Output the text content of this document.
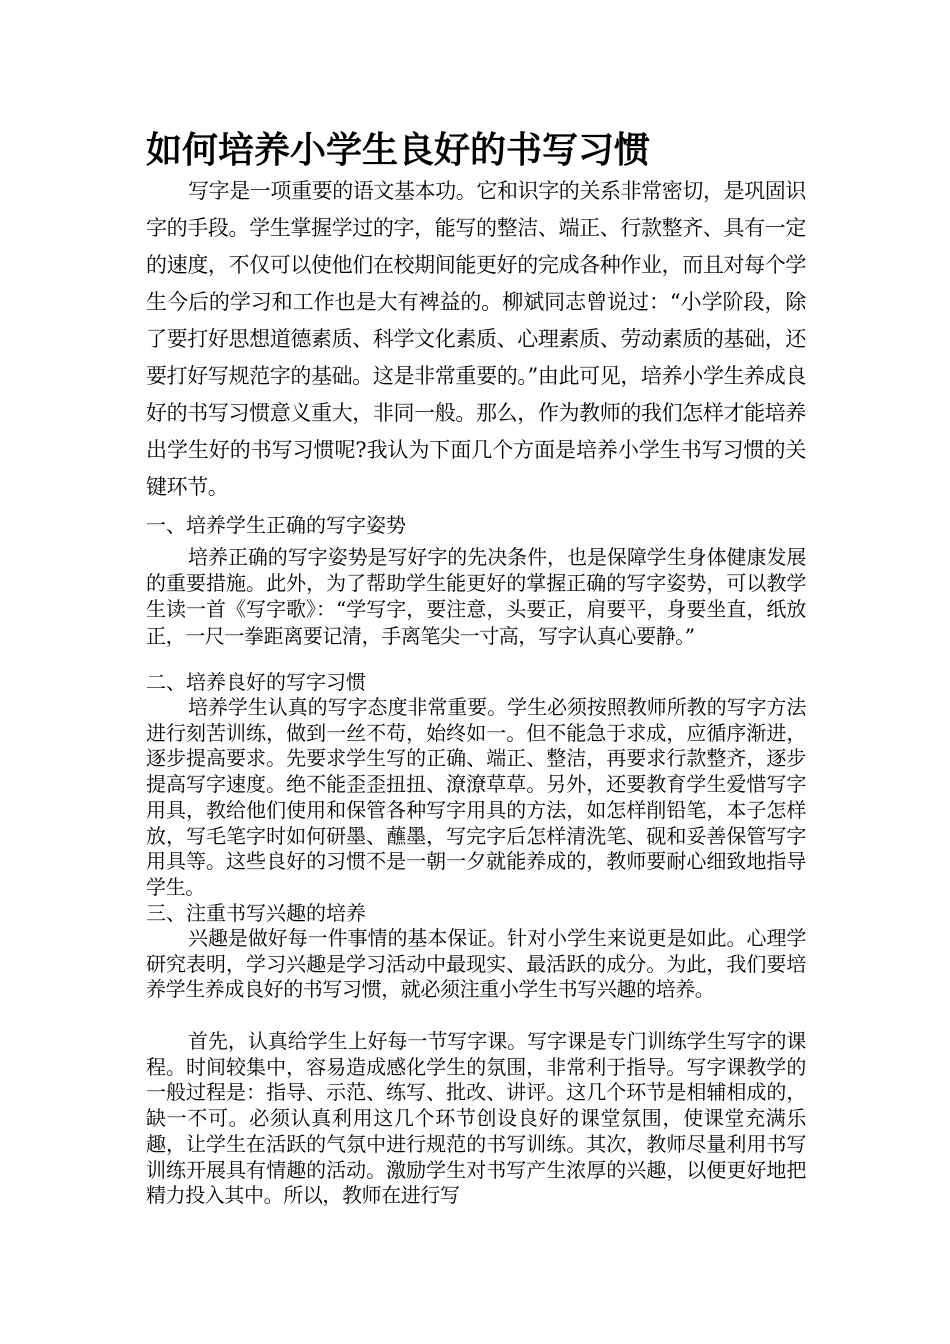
如何培养小学生良好的书写习惯

写字是一项重要的语文基本功。它和识字的关系非常密切，是巩固识字的手段。学生掌握学过的字，能写的整洁、端正、行款整齐、具有一定的速度，不仅可以使他们在校期间能更好的完成各种作业，而且对每个学生今后的学习和工作也是大有裨益的。柳斌同志曾说过：“小学阶段，除了要打好思想道德素质、科学文化素质、心理素质、劳动素质的基础，还要打好写规范字的基础。这是非常重要的。”由此可见，培养小学生养成良好的书写习惯意义重大，非同一般。那么，作为教师的我们怎样才能培养出学生好的书写习惯呢?我认为下面几个方面是培养小学生书写习惯的关键环节。

一、培养学生正确的写字姿势

培养正确的写字姿势是写好字的先决条件，也是保障学生身体健康发展的重要措施。此外，为了帮助学生能更好的掌握正确的写字姿势，可以教学生读一首《写字歌》：“学写字，要注意，头要正，肩要平，身要坐直，纸放正，一尺一拳距离要记清，手离笔尖一寸高，写字认真心要静。”

二、培养良好的写字习惯

培养学生认真的写字态度非常重要。学生必须按照教师所教的写字方法进行刻苦训练，做到一丝不苟，始终如一。但不能急于求成，应循序渐进，逐步提高要求。先要求学生写的正确、端正、整洁，再要求行款整齐，逐步提高写字速度。绝不能歪歪扭扭、潦潦草草。另外，还要教育学生爱惜写字用具，教给他们使用和保管各种写字用具的方法，如怎样削铅笔，本子怎样放，写毛笔字时如何研墨、蘸墨，写完字后怎样清洗笔、砚和妥善保管写字用具等。这些良好的习惯不是一朝一夕就能养成的，教师要耐心细致地指导学生。

三、注重书写兴趣的培养

兴趣是做好每一件事情的基本保证。针对小学生来说更是如此。心理学研究表明，学习兴趣是学习活动中最现实、最活跃的成分。为此，我们要培养学生养成良好的书写习惯，就必须注重小学生书写兴趣的培养。

首先，认真给学生上好每一节写字课。写字课是专门训练学生写字的课程。时间较集中，容易造成感化学生的氛围，非常利于指导。写字课教学的一般过程是：指导、示范、练写、批改、讲评。这几个环节是相辅相成的，缺一不可。必须认真利用这几个环节创设良好的课堂氛围，使课堂充满乐趣，让学生在活跃的气氛中进行规范的书写训练。其次，教师尽量利用书写训练开展具有情趣的活动。激励学生对书写产生浓厚的兴趣，以便更好地把精力投入其中。所以，教师在进行写
